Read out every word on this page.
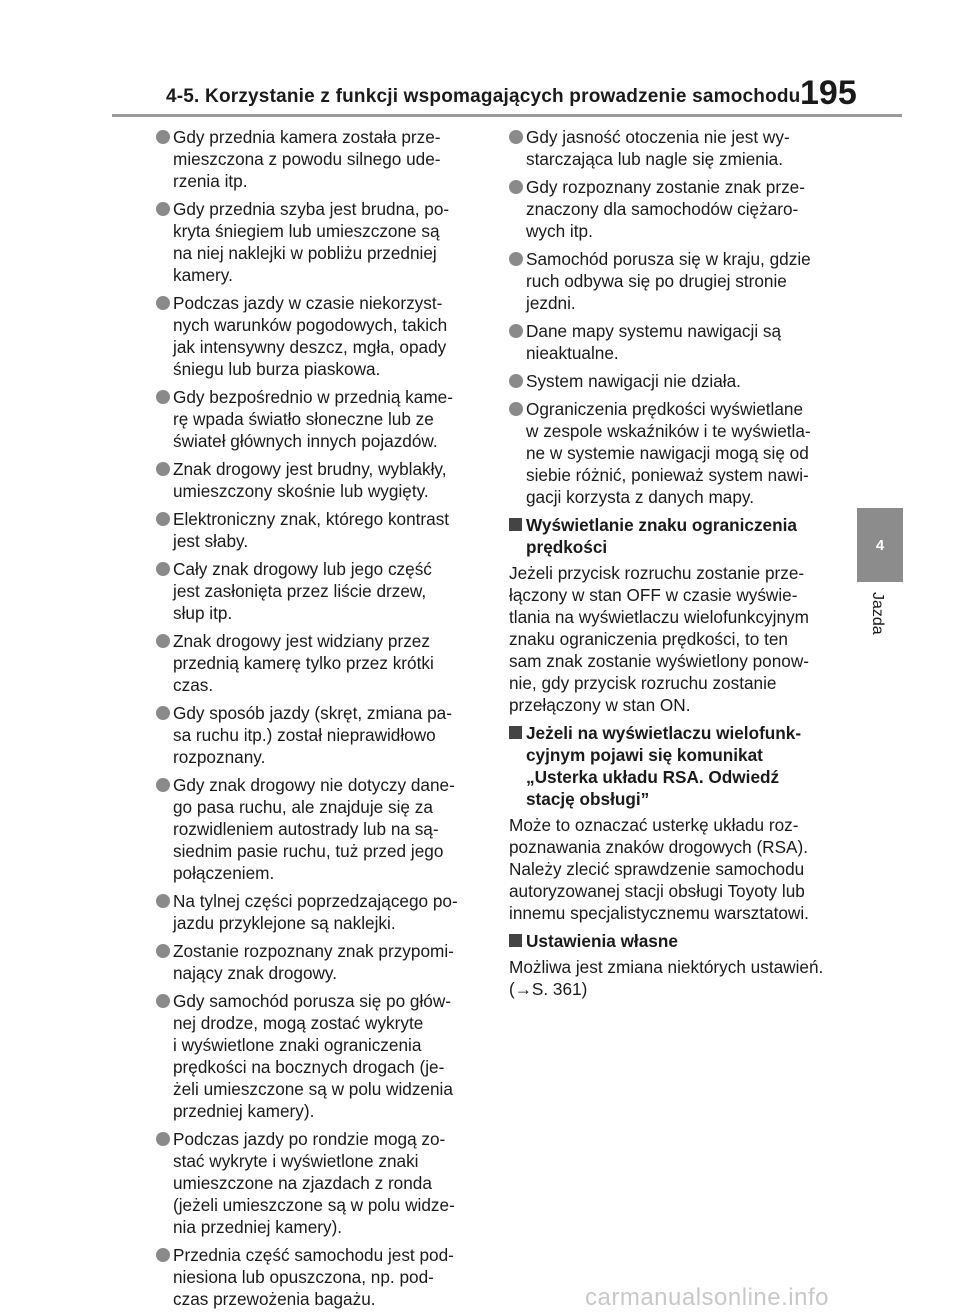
4-5. Korzystanie z funkcji wspomagających prowadzenie samochodu 195
4
Jazda
Gdy przednia kamera została prze-
mieszczona z powodu silnego ude-
rzenia itp.
Gdy przednia szyba jest brudna, po-
kryta śniegiem lub umieszczone są
na niej naklejki w pobliżu przedniej
kamery.
Podczas jazdy w czasie niekorzyst-
nych warunków pogodowych, takich
jak intensywny deszcz, mgła, opady
śniegu lub burza piaskowa.
Gdy bezpośrednio w przednią kame-
rę wpada światło słoneczne lub ze
świateł głównych innych pojazdów.
Znak drogowy jest brudny, wyblakły,
umieszczony skośnie lub wygięty.
Elektroniczny znak, którego kontrast
jest słaby.
Cały znak drogowy lub jego część
jest zasłonięta przez liście drzew,
słup itp.
Znak drogowy jest widziany przez
przednią kamerę tylko przez krótki
czas.
Gdy sposób jazdy (skręt, zmiana pa-
sa ruchu itp.) został nieprawidłowo
rozpoznany.
Gdy znak drogowy nie dotyczy dane-
go pasa ruchu, ale znajduje się za
rozwidleniem autostrady lub na są-
siednim pasie ruchu, tuż przed jego
połączeniem.
Na tylnej części poprzedzającego po-
jazdu przyklejone są naklejki.
Zostanie rozpoznany znak przypomi-
nający znak drogowy.
Gdy samochód porusza się po głów-
nej drodze, mogą zostać wykryte
i wyświetlone znaki ograniczenia
prędkości na bocznych drogach (je-
żeli umieszczone są w polu widzenia
przedniej kamery).
Podczas jazdy po rondzie mogą zo-
stać wykryte i wyświetlone znaki
umieszczone na zjazdach z ronda
(jeżeli umieszczone są w polu widze-
nia przedniej kamery).
Przednia część samochodu jest pod-
niesiona lub opuszczona, np. pod-
czas przewożenia bagażu.
Gdy jasność otoczenia nie jest wy-
starczająca lub nagle się zmienia.
Gdy rozpoznany zostanie znak prze-
znaczony dla samochodów ciężaro-
wych itp.
Samochód porusza się w kraju, gdzie
ruch odbywa się po drugiej stronie
jezdni.
Dane mapy systemu nawigacji są
nieaktualne.
System nawigacji nie działa.
Ograniczenia prędkości wyświetlane
w zespole wskaźników i te wyświetla-
ne w systemie nawigacji mogą się od
siebie różnić, ponieważ system nawi-
gacji korzysta z danych mapy.
Wyświetlanie znaku ograniczenia
prędkości
Jeżeli przycisk rozruchu zostanie prze-
łączony w stan OFF w czasie wyświe-
tlania na wyświetlaczu wielofunkcyjnym
znaku ograniczenia prędkości, to ten
sam znak zostanie wyświetlony ponow-
nie, gdy przycisk rozruchu zostanie
przełączony w stan ON.
Jeżeli na wyświetlaczu wielofunk-
cyjnym pojawi się komunikat
„Usterka układu RSA. Odwiedź
stację obsługi”
Może to oznaczać usterkę układu roz-
poznawania znaków drogowych (RSA).
Należy zlecić sprawdzenie samochodu
autoryzowanej stacji obsługi Toyoty lub
innemu specjalistycznemu warsztatowi.
Ustawienia własne
Możliwa jest zmiana niektórych ustawień.
(→S. 361)
carmanualsonline.info
